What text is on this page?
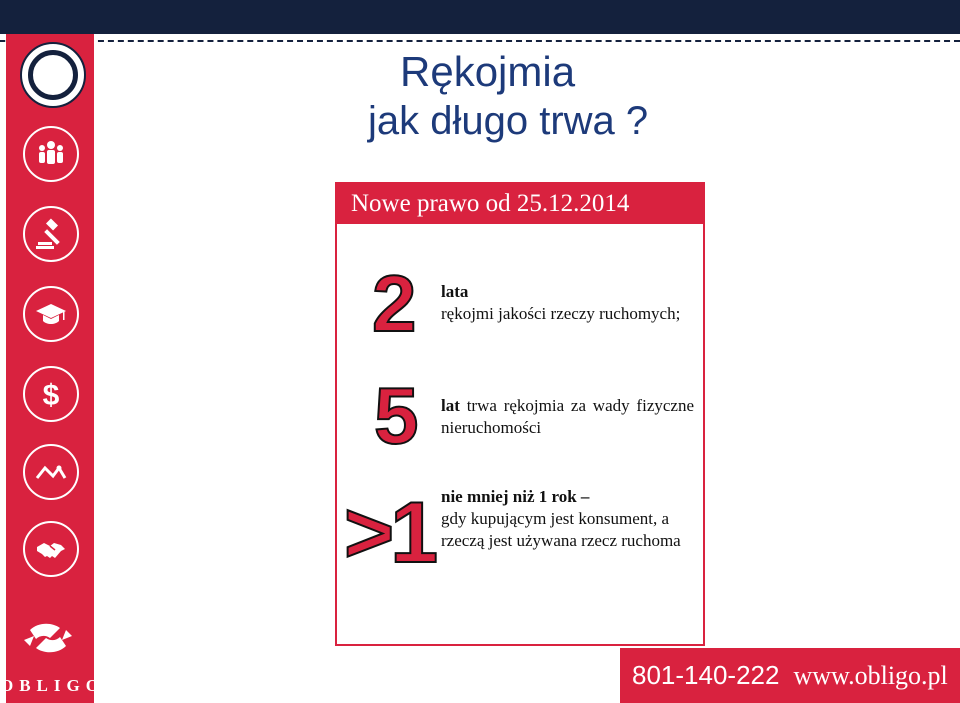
$
OBLIGO
Rękojmia
jak długo trwa ?
Nowe prawo od 25.12.2014
2 lata
rękojmi jakości rzeczy ruchomych;
5 lat trwa rękojmia za wady fizyczne nieruchomości
>1 nie mniej niż 1 rok –
gdy kupującym jest konsument, a rzeczą jest używana rzecz ruchoma
801-140-222 www.obligo.pl
